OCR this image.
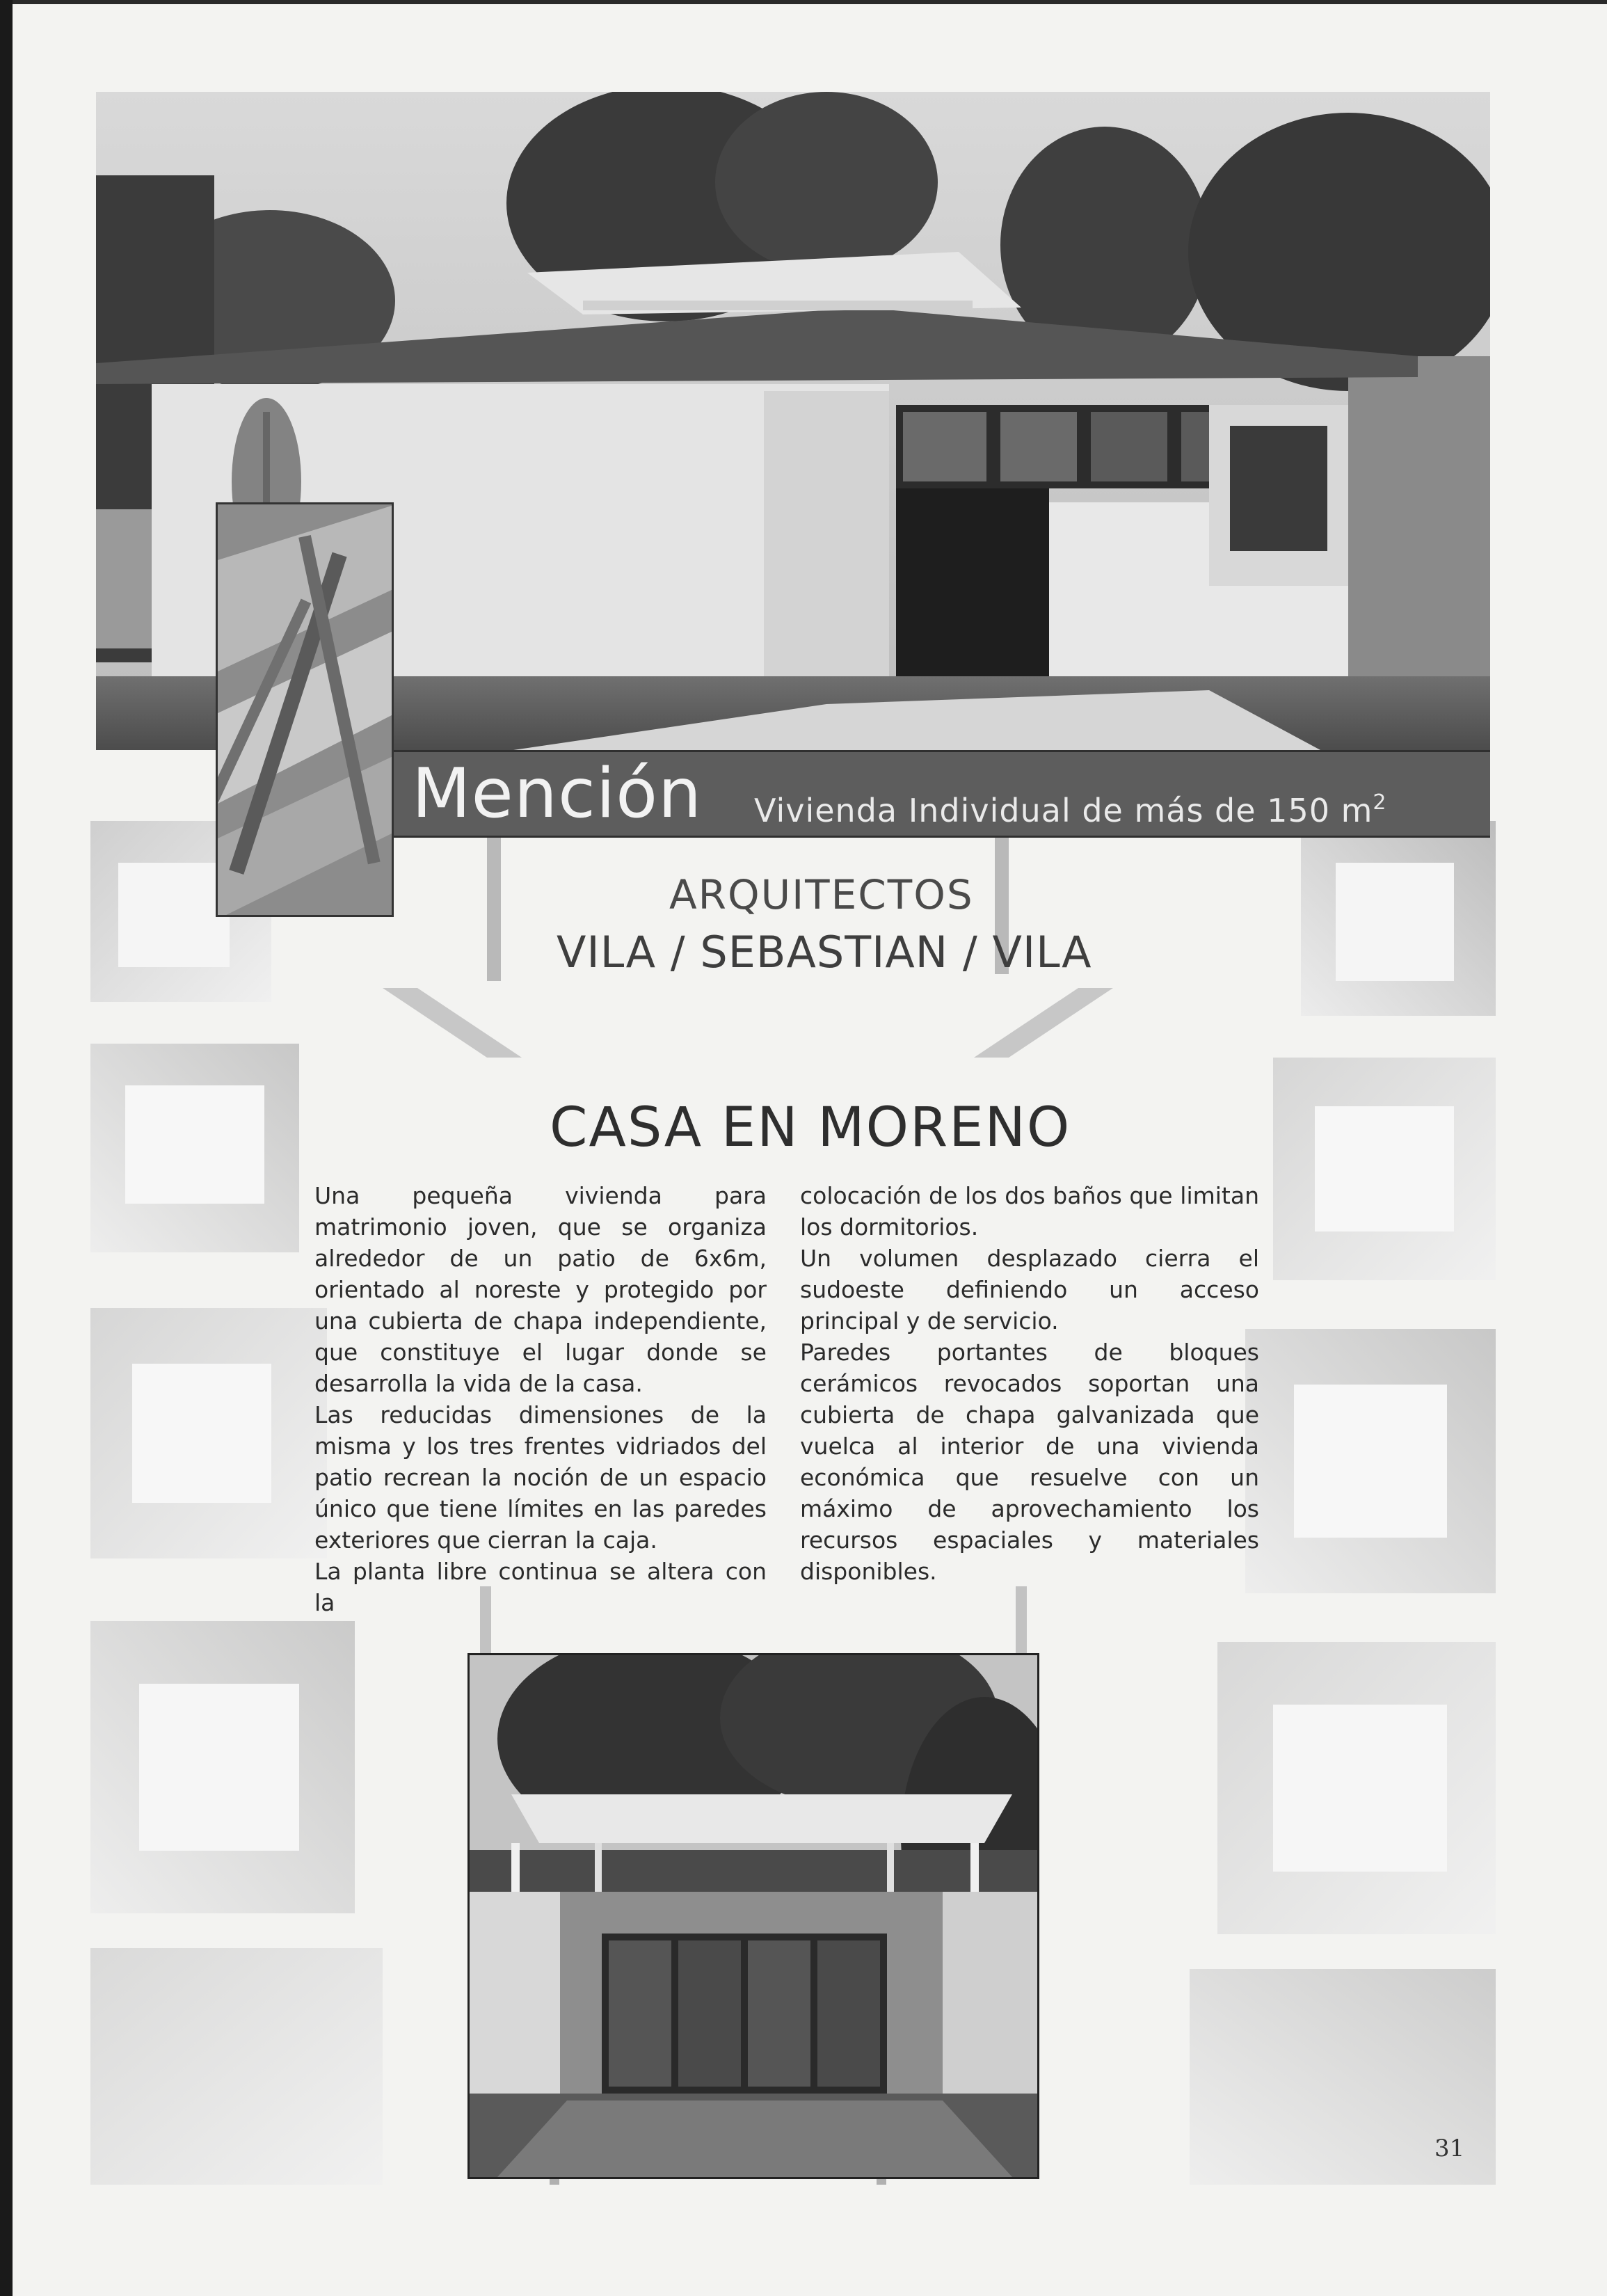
Mención Vivienda Individual de más de 150 $m^2$
ARQUITECTOS
VILA / SEBASTIAN / VILA
CASA EN MORENO

Una pequeña vivienda para matrimonio joven, que se organiza alrededor de un patio de 6x6m, orientado al noreste y protegido por una cubierta de chapa independiente, que constituye el lugar donde se desarrolla la vida de la casa.

Las reducidas dimensiones de la misma y los tres frentes vidriados del patio recrean la noción de un espacio único que tiene límites en las paredes exteriores que cierran la caja.

La planta libre continua se altera con la

colocación de los dos baños que limitan los dormitorios.

Un volumen desplazado cierra el sudoeste definiendo un acceso principal y de servicio.

Paredes portantes de bloques cerámicos revocados soportan una cubierta de chapa galvanizada que vuelca al interior de una vivienda económica que resuelve con un máximo de aprovechamiento los recursos espaciales y materiales disponibles.

31
